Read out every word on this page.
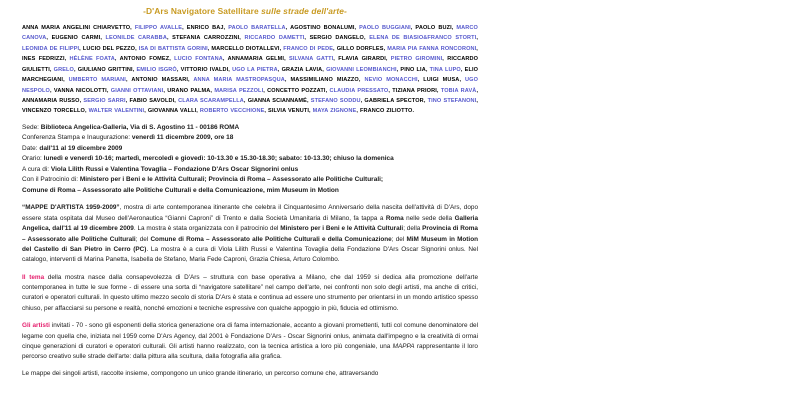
-D'Ars Navigatore Satellitare sulle strade dell'arte-
ANNA MARIA ANGELINI CHIARVETTO, FILIPPO AVALLE, ENRICO BAJ, PAOLO BARATELLA, AGOSTINO BONALUMI, PAOLO BUGGIANI, PAOLO BUZI, MARCO CANOVA, EUGENIO CARMI, LEONILDE CARABBA, STEFANIA CARROZZINI, RICCARDO DAMETTI, SERGIO DANGELO, ELENA DE BIASIO&FRANCO STORTI, LEONIDA DE FILIPPI, LUCIO DEL PEZZO, ISA DI BATTISTA GORINI, MARCELLO DIOTALLEVI, FRANCO DI PEDE, GILLO DORFLES, MARIA PIA FANNA RONCORONI, INES FEDRIZZI, HÉLÈNE FOATA, ANTONIO FOMEZ, LUCIO FONTANA, ANNAMARIA GELMI, SILVANA GATTI, FLAVIA GIRARDI, PIETRO GIROMINI, RICCARDO GIULIETTI, GRELO, GIULIANO GRITTINI, EMILIO ISGRÒ, VITTORIO IVALDI, UGO LA PIETRA, GRAZIA LAVIA, GIOVANNI LEOMBIANCHI, PINO LIA, TINA LUPO, ELIO MARCHEGIANI, UMBERTO MARIANI, ANTONIO MASSARI, ANNA MARIA MASTROPASQUA, MASSIMILIANO MIAZZO, NEVIO MONACCHI, LUIGI MUSA, UGO NESPOLO, VANNA NICOLOTTI, GIANNI OTTAVIANI, URANO PALMA, MARISA PEZZOLI, CONCETTO POZZATI, CLAUDIA PRESSATO, TIZIANA PRIORI, TOBIA RAVÀ, ANNAMARIA RUSSO, SERGIO SARRI, FABIO SAVOLDI, CLARA SCARAMPELLA, GIANNA SCIANNAMÉ, STEFANO SODDU, GABRIELA SPECTOR, TINO STEFANONI, VINCENZO TORCELLO, WALTER VALENTINI, GIOVANNA VALLI, ROBERTO VECCHIONE, SILVIA VENUTI, MAYA ZIGNONE, FRANCO ZILIOTTO.
Sede: Biblioteca Angelica-Galleria, Via di S. Agostino 11 - 00186 ROMA
Conferenza Stampa e Inaugurazione: venerdì 11 dicembre 2009, ore 18
Date: dall'11 al 19 dicembre 2009
Orario: lunedì e venerdì 10-16; martedì, mercoledì e giovedì: 10-13.30 e 15.30-18.30; sabato: 10-13.30; chiuso la domenica
A cura di: Viola Lilith Russi e Valentina Tovaglia – Fondazione D'Ars Oscar Signorini onlus
Con il Patrocinio di: Ministero per i Beni e le Attività Culturali; Provincia di Roma – Assessorato alle Politiche Culturali;
Comune di Roma – Assessorato alle Politiche Culturali e della Comunicazione, mim Museum in Motion
“MAPPE D'ARTISTA 1959-2009”, mostra di arte contemporanea itinerante che celebra il Cinquantesimo Anniversario della nascita dell'attività di D'Ars, dopo essere stata ospitata dal Museo dell'Aeronautica “Gianni Caproni” di Trento e dalla Società Umanitaria di Milano, fa tappa a Roma nelle sede della Galleria Angelica, dall'11 al 19 dicembre 2009. La mostra è stata organizzata con il patrocinio del Ministero per i Beni e le Attività Culturali; della Provincia di Roma – Assessorato alle Politiche Culturali; del Comune di Roma – Assessorato alle Politiche Culturali e della Comunicazione; del MiM Museum in Motion del Castello di San Pietro in Cerro (PC). La mostra è a cura di Viola Lilith Russi e Valentina Tovaglia della Fondazione D'Ars Oscar Signorini onlus. Nel catalogo, interventi di Marina Panetta, Isabella de Stefano, Maria Fede Caproni, Grazia Chiesa, Arturo Colombo.
Il tema della mostra nasce dalla consapevolezza di D'Ars – struttura con base operativa a Milano, che dal 1959 si dedica alla promozione dell'arte contemporanea in tutte le sue forme - di essere una sorta di “navigatore satellitare” nel campo dell'arte, nei confronti non solo degli artisti, ma anche di critici, curatori e operatori culturali. In questo ultimo mezzo secolo di storia D'Ars è stata e continua ad essere uno strumento per orientarsi in un mondo artistico spesso chiuso, per affacciarsi su persone e realtà, nonché emozioni e tecniche espressive con qualche appoggio in più, fiducia ed ottimismo.
Gli artisti invitati - 70 - sono gli esponenti della storica generazione ora di fama internazionale, accanto a giovani promettenti, tutti col comune denominatore del legame con quella che, iniziata nel 1959 come D'Ars Agency, dal 2001 è Fondazione D'Ars - Oscar Signorini onlus, animata dall'impegno e la creatività di ormai cinque generazioni di curatori e operatori culturali. Gli artisti hanno realizzato, con la tecnica artistica a loro più congeniale, una MAPPA rappresentante il loro percorso creativo sulle strade dell'arte: dalla pittura alla scultura, dalla fotografia alla grafica.
Le mappe dei singoli artisti, raccolte insieme, compongono un unico grande itinerario, un percorso comune che, attraversando
